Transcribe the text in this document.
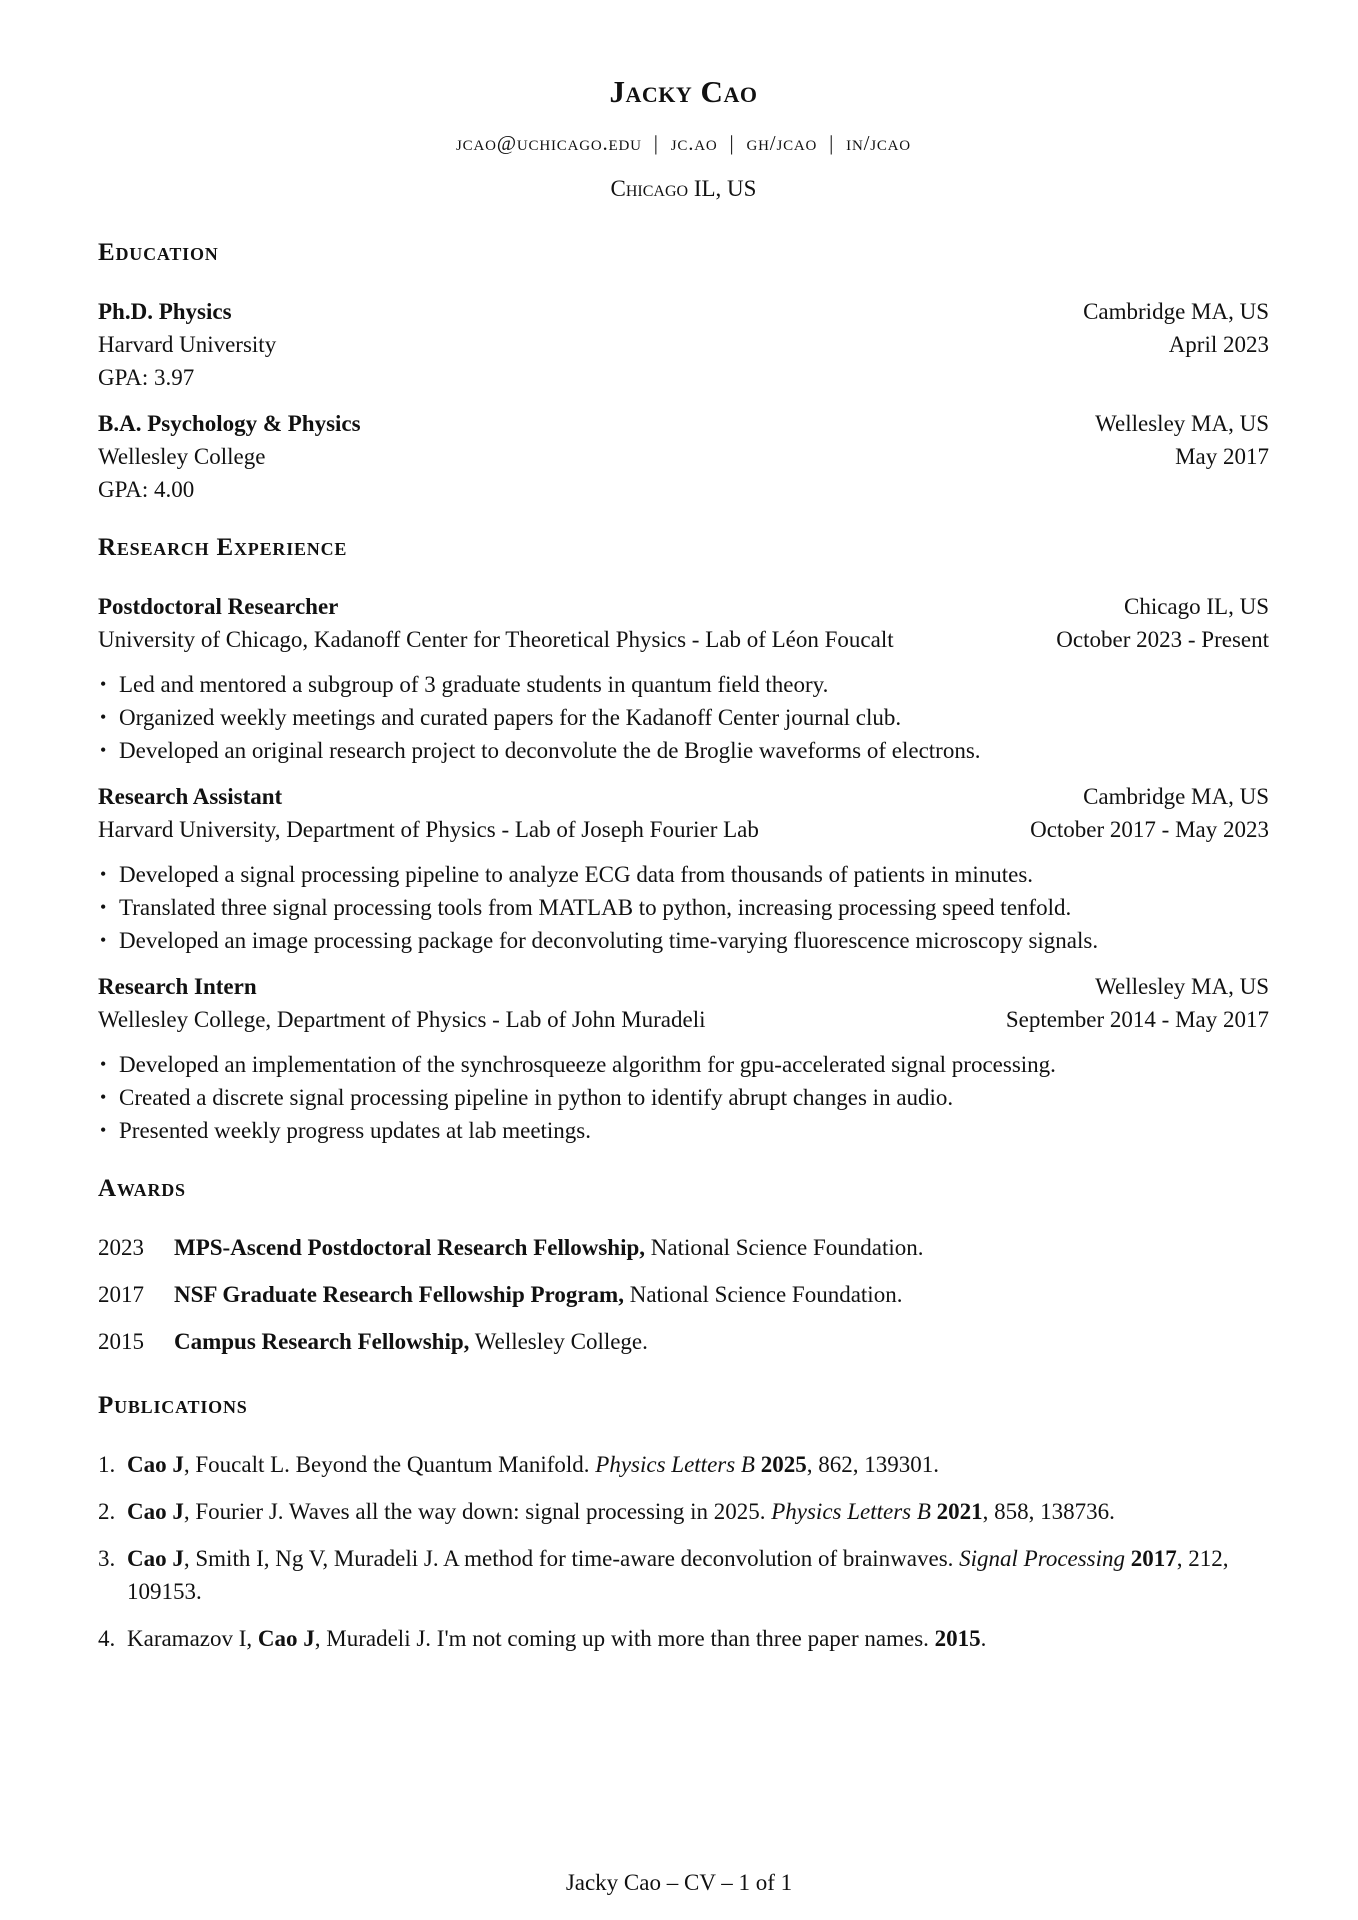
Jacky Cao
jcao@uchicago.edu | jc.ao | gh/jcao | in/jcao
Chicago IL, US
Education
Ph.D. Physics	Cambridge MA, US
Harvard University	April 2023
GPA: 3.97
B.A. Psychology & Physics	Wellesley MA, US
Wellesley College	May 2017
GPA: 4.00
Research Experience
Postdoctoral Researcher	Chicago IL, US
University of Chicago, Kadanoff Center for Theoretical Physics - Lab of Léon Foucalt	October 2023 - Present
• Led and mentored a subgroup of 3 graduate students in quantum field theory.
• Organized weekly meetings and curated papers for the Kadanoff Center journal club.
• Developed an original research project to deconvolute the de Broglie waveforms of electrons.
Research Assistant	Cambridge MA, US
Harvard University, Department of Physics - Lab of Joseph Fourier Lab	October 2017 - May 2023
• Developed a signal processing pipeline to analyze ECG data from thousands of patients in minutes.
• Translated three signal processing tools from MATLAB to python, increasing processing speed tenfold.
• Developed an image processing package for deconvoluting time-varying fluorescence microscopy signals.
Research Intern	Wellesley MA, US
Wellesley College, Department of Physics - Lab of John Muradeli	September 2014 - May 2017
• Developed an implementation of the synchrosqueeze algorithm for gpu-accelerated signal processing.
• Created a discrete signal processing pipeline in python to identify abrupt changes in audio.
• Presented weekly progress updates at lab meetings.
Awards
2023	MPS-Ascend Postdoctoral Research Fellowship, National Science Foundation.
2017	NSF Graduate Research Fellowship Program, National Science Foundation.
2015	Campus Research Fellowship, Wellesley College.
Publications
1. Cao J, Foucalt L. Beyond the Quantum Manifold. Physics Letters B 2025, 862, 139301.
2. Cao J, Fourier J. Waves all the way down: signal processing in 2025. Physics Letters B 2021, 858, 138736.
3. Cao J, Smith I, Ng V, Muradeli J. A method for time-aware deconvolution of brainwaves. Signal Processing 2017, 212, 109153.
4. Karamazov I, Cao J, Muradeli J. I'm not coming up with more than three paper names. 2015.
Jacky Cao – CV – 1 of 1
